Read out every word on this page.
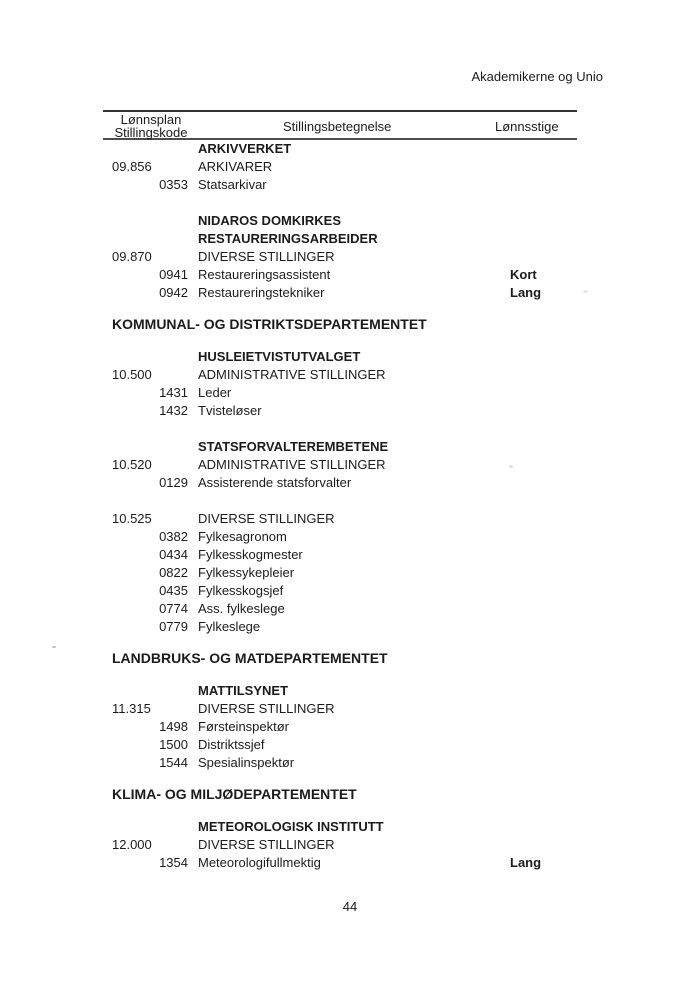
Akademikerne og Unio
Lønnsplan
Stillingskode	Stillingsbetegnelse	Lønnsstige
ARKIVVERKET
09.856	ARKIVARER
0353 Statsarkivar
NIDAROS DOMKIRKES
RESTAURERINGSARBEIDER
09.870	DIVERSE STILLINGER
0941 Restaureringsassistent	Kort
0942 Restaureringstekniker	Lang
KOMMUNAL- OG DISTRIKTSDEPARTEMENTET
HUSLEIETVISTUTVALGET
10.500	ADMINISTRATIVE STILLINGER
1431 Leder
1432 Tvisteløser
STATSFORVALTEREMBETENE
10.520	ADMINISTRATIVE STILLINGER
0129 Assisterende statsforvalter
10.525	DIVERSE STILLINGER
0382 Fylkesagronom
0434 Fylkesskogmester
0822 Fylkessykepleier
0435 Fylkesskogsjef
0774 Ass. fylkeslege
0779 Fylkeslege
LANDBRUKS- OG MATDEPARTEMENTET
MATTILSYNET
11.315	DIVERSE STILLINGER
1498 Førsteinspektør
1500 Distriktssjef
1544 Spesialinspektør
KLIMA- OG MILJØDEPARTEMENTET
METEOROLOGISK INSTITUTT
12.000	DIVERSE STILLINGER
1354 Meteorologifullmektig	Lang
44
